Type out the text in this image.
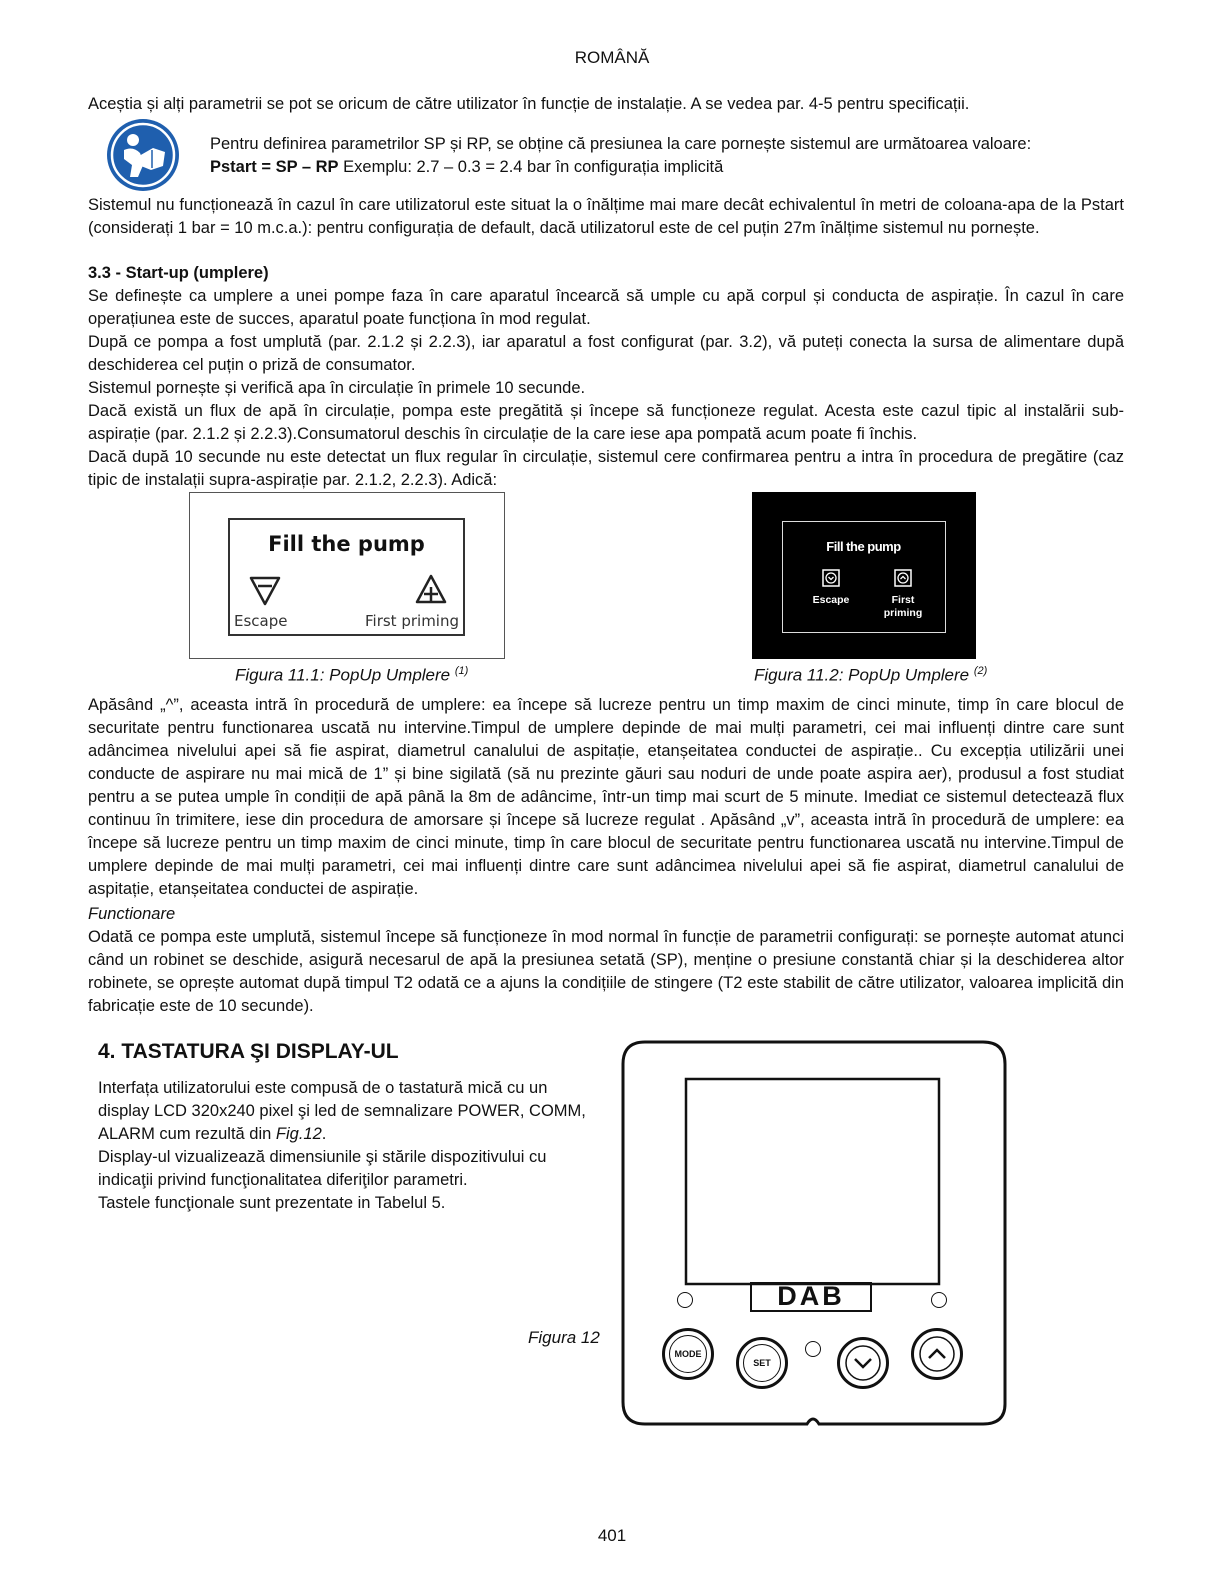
ROMÂNĂ
Aceștia și alți parametrii se pot se oricum de către utilizator în funcție de instalație. A se vedea par. 4-5 pentru specificații.
Pentru definirea parametrilor SP și RP, se obține că presiunea la care pornește sistemul are următoarea valoare:
Pstart = SP – RP Exemplu: 2.7 – 0.3 = 2.4 bar în configurația implicită
Sistemul nu funcționează în cazul în care utilizatorul este situat la o înălțime mai mare decât echivalentul în metri de coloana-apa de la Pstart (considerați 1 bar = 10 m.c.a.): pentru configurația de default, dacă utilizatorul este de cel puțin 27m înălțime sistemul nu pornește.
3.3 - Start-up (umplere)
Se definește ca umplere a unei pompe faza în care aparatul încearcă să umple cu apă corpul și conducta de aspirație. În cazul în care operațiunea este de succes, aparatul poate funcționa în mod regulat.
După ce pompa a fost umplută (par. 2.1.2 și 2.2.3), iar aparatul a fost configurat (par. 3.2), vă puteți conecta la sursa de alimentare după deschiderea cel puțin o priză de consumator.
Sistemul pornește și verifică apa în circulație în primele 10 secunde.
Dacă există un flux de apă în circulație, pompa este pregătită și începe să funcționeze regulat. Acesta este cazul tipic al instalării sub-aspirație (par. 2.1.2 și 2.2.3).Consumatorul deschis în circulație de la care iese apa pompată acum poate fi închis.
Dacă după 10 secunde nu este detectat un flux regular în circulație, sistemul cere confirmarea pentru a intra în procedura de pregătire (caz tipic de instalații supra-aspirație par. 2.1.2, 2.2.3). Adică:
Fill the pump
Escape	First priming
Fill the pump
Escape	First
priming
Figura 11.1: PopUp Umplere $^{(1)}$	Figura 11.2: PopUp Umplere $^{(2)}$
Apăsând „^”, aceasta intră în procedură de umplere: ea începe să lucreze pentru un timp maxim de cinci minute, timp în care blocul de securitate pentru functionarea uscată nu intervine.Timpul de umplere depinde de mai mulți parametri, cei mai influenți dintre care sunt adâncimea nivelului apei să fie aspirat, diametrul canalului de aspitație, etanșeitatea conductei de aspirație.. Cu excepția utilizării unei conducte de aspirare nu mai mică de 1” și bine sigilată (să nu prezinte găuri sau noduri de unde poate aspira aer), produsul a fost studiat pentru a se putea umple în condiții de apă până la 8m de adâncime, într-un timp mai scurt de 5 minute. Imediat ce sistemul detectează flux continuu în trimitere, iese din procedura de amorsare și începe să lucreze regulat . Apăsând „v”, aceasta intră în procedură de umplere: ea începe să lucreze pentru un timp maxim de cinci minute, timp în care blocul de securitate pentru functionarea uscată nu intervine.Timpul de umplere depinde de mai mulți parametri, cei mai influenți dintre care sunt adâncimea nivelului apei să fie aspirat, diametrul canalului de aspitație, etanșeitatea conductei de aspirație.
Functionare
Odată ce pompa este umplută, sistemul începe să funcționeze în mod normal în funcție de parametrii configurați: se pornește automat atunci când un robinet se deschide, asigură necesarul de apă la presiunea setată (SP), menține o presiune constantă chiar și la deschiderea altor robinete, se oprește automat după timpul T2 odată ce a ajuns la condițiile de stingere (T2 este stabilit de către utilizator, valoarea implicită din fabricație este de 10 secunde).
4. TASTATURA ŞI DISPLAY-UL
Interfața utilizatorului este compusă de o tastatură mică cu un display LCD 320x240 pixel şi led de semnalizare POWER, COMM, ALARM cum rezultă din Fig.12.
Display-ul vizualizează dimensiunile şi stările dispozitivului cu indicaţii privind funcţionalitatea diferiţilor parametri.
Tastele funcţionale sunt prezentate in Tabelul 5.
DAB
MODE
SET
Figura 12
401
